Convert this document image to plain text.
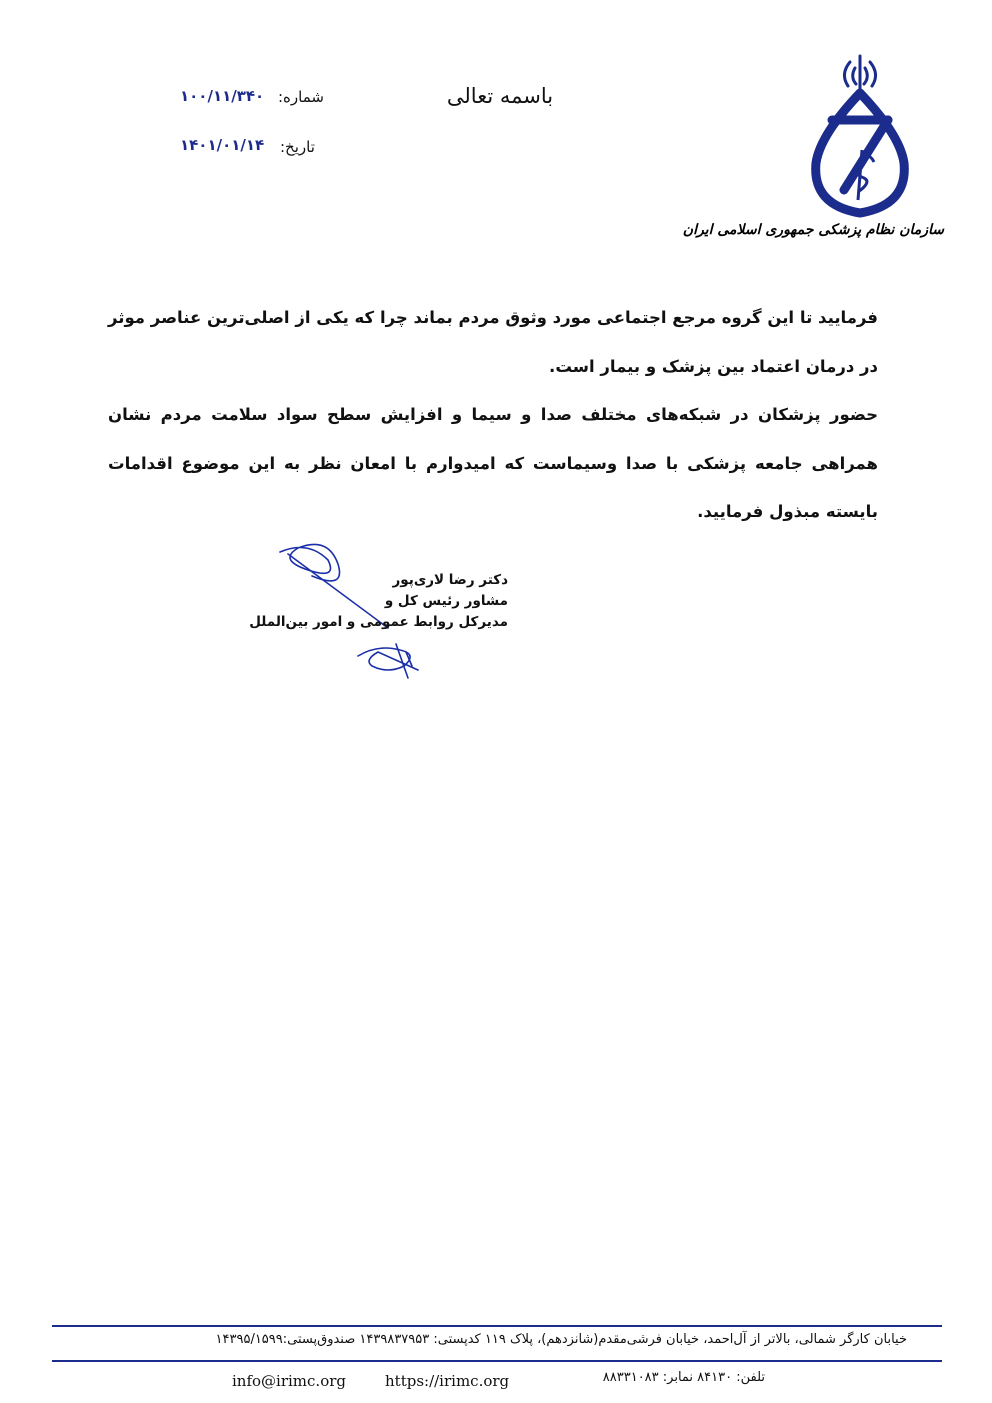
باسمه تعالی
شماره:
۱۰۰/۱۱/۳۴۰
تاریخ:
۱۴۰۱/۰۱/۱۴
سازمان نظام پزشکی جمهوری اسلامی ایران

فرمایید تا این گروه مرجع اجتماعی مورد وثوق مردم بماند چرا که یکی از اصلی‌ترین عناصر موثر در درمان اعتماد بین پزشک و بیمار است.

حضور پزشکان در شبکه‌های مختلف صدا و سیما و افزایش سطح سواد سلامت مردم نشان همراهی جامعه پزشکی با صدا وسیماست که امیدوارم با امعان نظر به این موضوع اقدامات بایسته مبذول فرمایید.

دکتر رضا لاری‌پور
مشاور رئیس کل و
مدیرکل روابط عمومی و امور بین‌الملل
خیابان کارگر شمالی، بالاتر از آل‌احمد، خیابان فرشی‌مقدم(شانزدهم)، پلاک ۱۱۹ کدپستی: ۱۴۳۹۸۳۷۹۵۳ صندوق‌پستی:۱۴۳۹۵/۱۵۹۹
info@irimc.org	https://irimc.org	تلفن: ۸۴۱۳۰ نمابر: ۸۸۳۳۱۰۸۳
